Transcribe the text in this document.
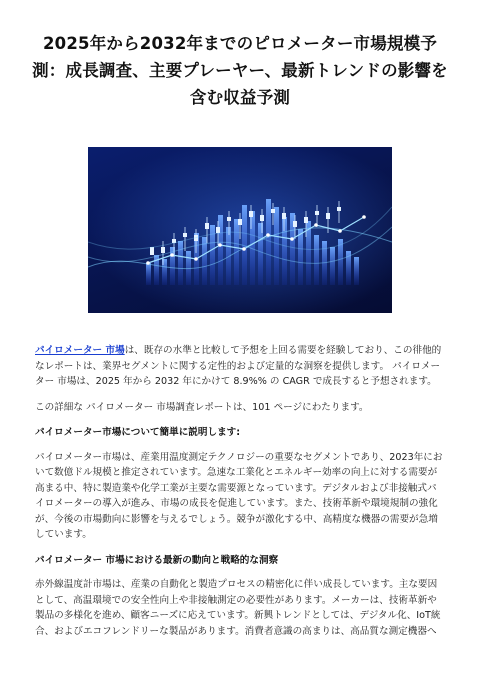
2025年から2032年までのピロメーター市場規模予測：成長調査、主要プレーヤー、最新トレンドの影響を含む収益予測

パイロメーター 市場は、既存の水準と比較して予想を上回る需要を経験しており、この徘他的なレポートは、業界セグメントに関する定性的および定量的な洞察を提供します。 パイロメーター 市場は、2025 年から 2032 年にかけて 8.9%% の CAGR で成長すると予想されます。

この詳細な パイロメーター 市場調査レポートは、101 ページにわたります。

パイロメーター市場について簡単に説明します:

パイロメーター市場は、産業用温度測定テクノロジーの重要なセグメントであり、2023年において数億ドル規模と推定されています。急速な工業化とエネルギー効率の向上に対する需要が高まる中、特に製造業や化学工業が主要な需要源となっています。デジタルおよび非接触式パイロメーターの導入が進み、市場の成長を促進しています。また、技術革新や環境規制の強化が、今後の市場動向に影響を与えるでしょう。競争が激化する中、高精度な機器の需要が急増しています。

パイロメーター 市場における最新の動向と戦略的な洞察

赤外線温度計市場は、産業の自動化と製造プロセスの精密化に伴い成長しています。主な要因として、高温環境での安全性向上や非接触測定の必要性があります。メーカーは、技術革新や製品の多様化を進め、顧客ニーズに応えています。新興トレンドとしては、デジタル化、IoT統合、およびエコフレンドリーな製品があります。消費者意識の高まりは、高品質な測定機器へ
